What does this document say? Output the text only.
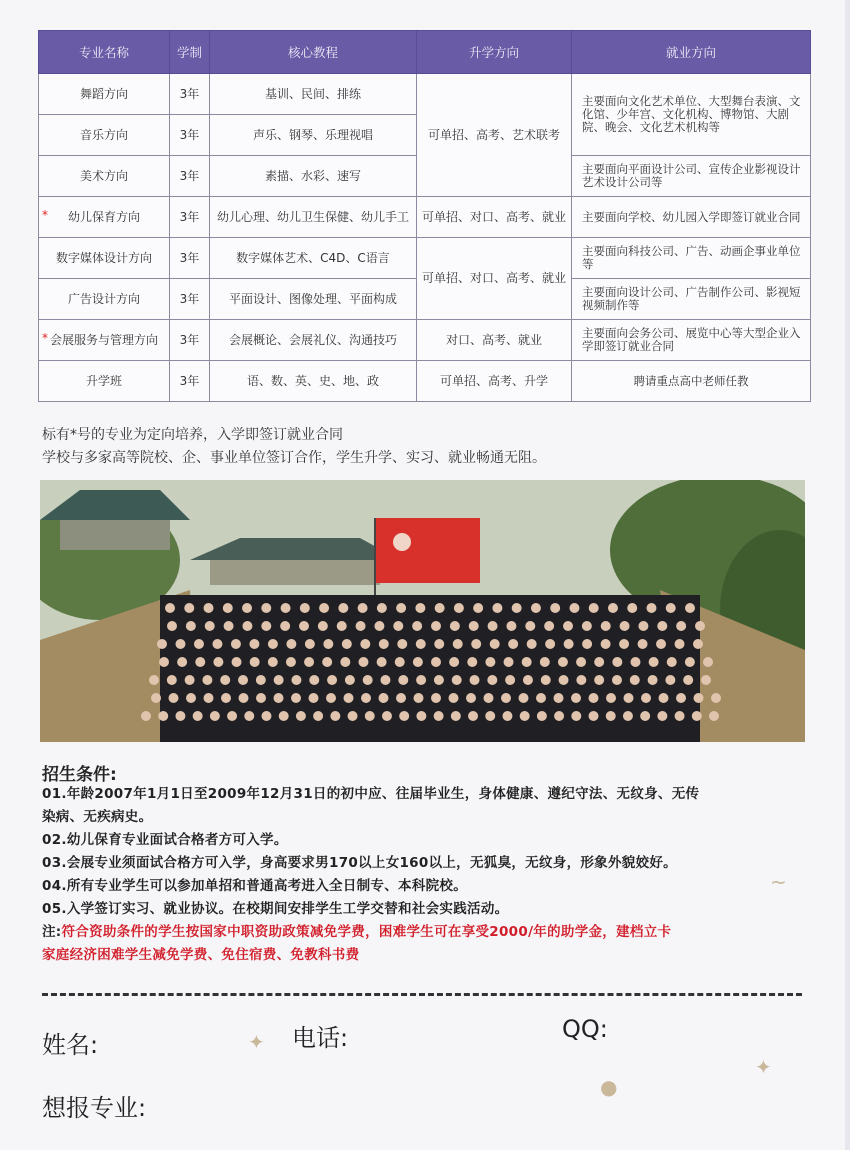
专业名称	学制	核心教程	升学方向	就业方向
舞蹈方向	3年	基训、民间、排练	可单招、高考、艺术联考	主要面向文化艺术单位、大型舞台表演、文化馆、少年宫、文化机构、博物馆、大剧院、晚会、文化艺术机构等
音乐方向	3年	声乐、钢琴、乐理视唱		
美术方向	3年	素描、水彩、速写		主要面向平面设计公司、宣传企业影视设计艺术设计公司等

* 幼儿保育方向	3年	幼儿心理、幼儿卫生保健、幼儿手工	可单招、对口、高考、就业	主要面向学校、幼儿园入学即签订就业合同
数字媒体设计方向	3年	数字媒体艺术、C4D、C语言	可单招、对口、高考、就业	主要面向科技公司、广告、动画企事业单位等
广告设计方向	3年	平面设计、图像处理、平面构成		主要面向设计公司、广告制作公司、影视短视频制作等

* 会展服务与管理方向	3年	会展概论、会展礼仪、沟通技巧	对口、高考、就业	主要面向会务公司、展览中心等大型企业入学即签订就业合同
升学班	3年	语、数、英、史、地、政	可单招、高考、升学	聘请重点高中老师任教
标有*号的专业为定向培养，入学即签订就业合同
学校与多家高等院校、企、事业单位签订合作，学生升学、实习、就业畅通无阻。
招生条件:
01.年龄2007年1月1日至2009年12月31日的初中应、往届毕业生，身体健康、遵纪守法、无纹身、无传
染病、无疾病史。
02.幼儿保育专业面试合格者方可入学。
03.会展专业须面试合格方可入学，身高要求男170以上女160以上，无狐臭，无纹身，形象外貌姣好。
04.所有专业学生可以参加单招和普通高考进入全日制专、本科院校。
05.入学签订实习、就业协议。在校期间安排学生工学交替和社会实践活动。
注:符合资助条件的学生按国家中职资助政策减免学费，困难学生可在享受2000/年的助学金，建档立卡
家庭经济困难学生减免学费、免住宿费、免教科书费
姓名:	电话:	QQ:
想报专业:
✦
✦
●
~
